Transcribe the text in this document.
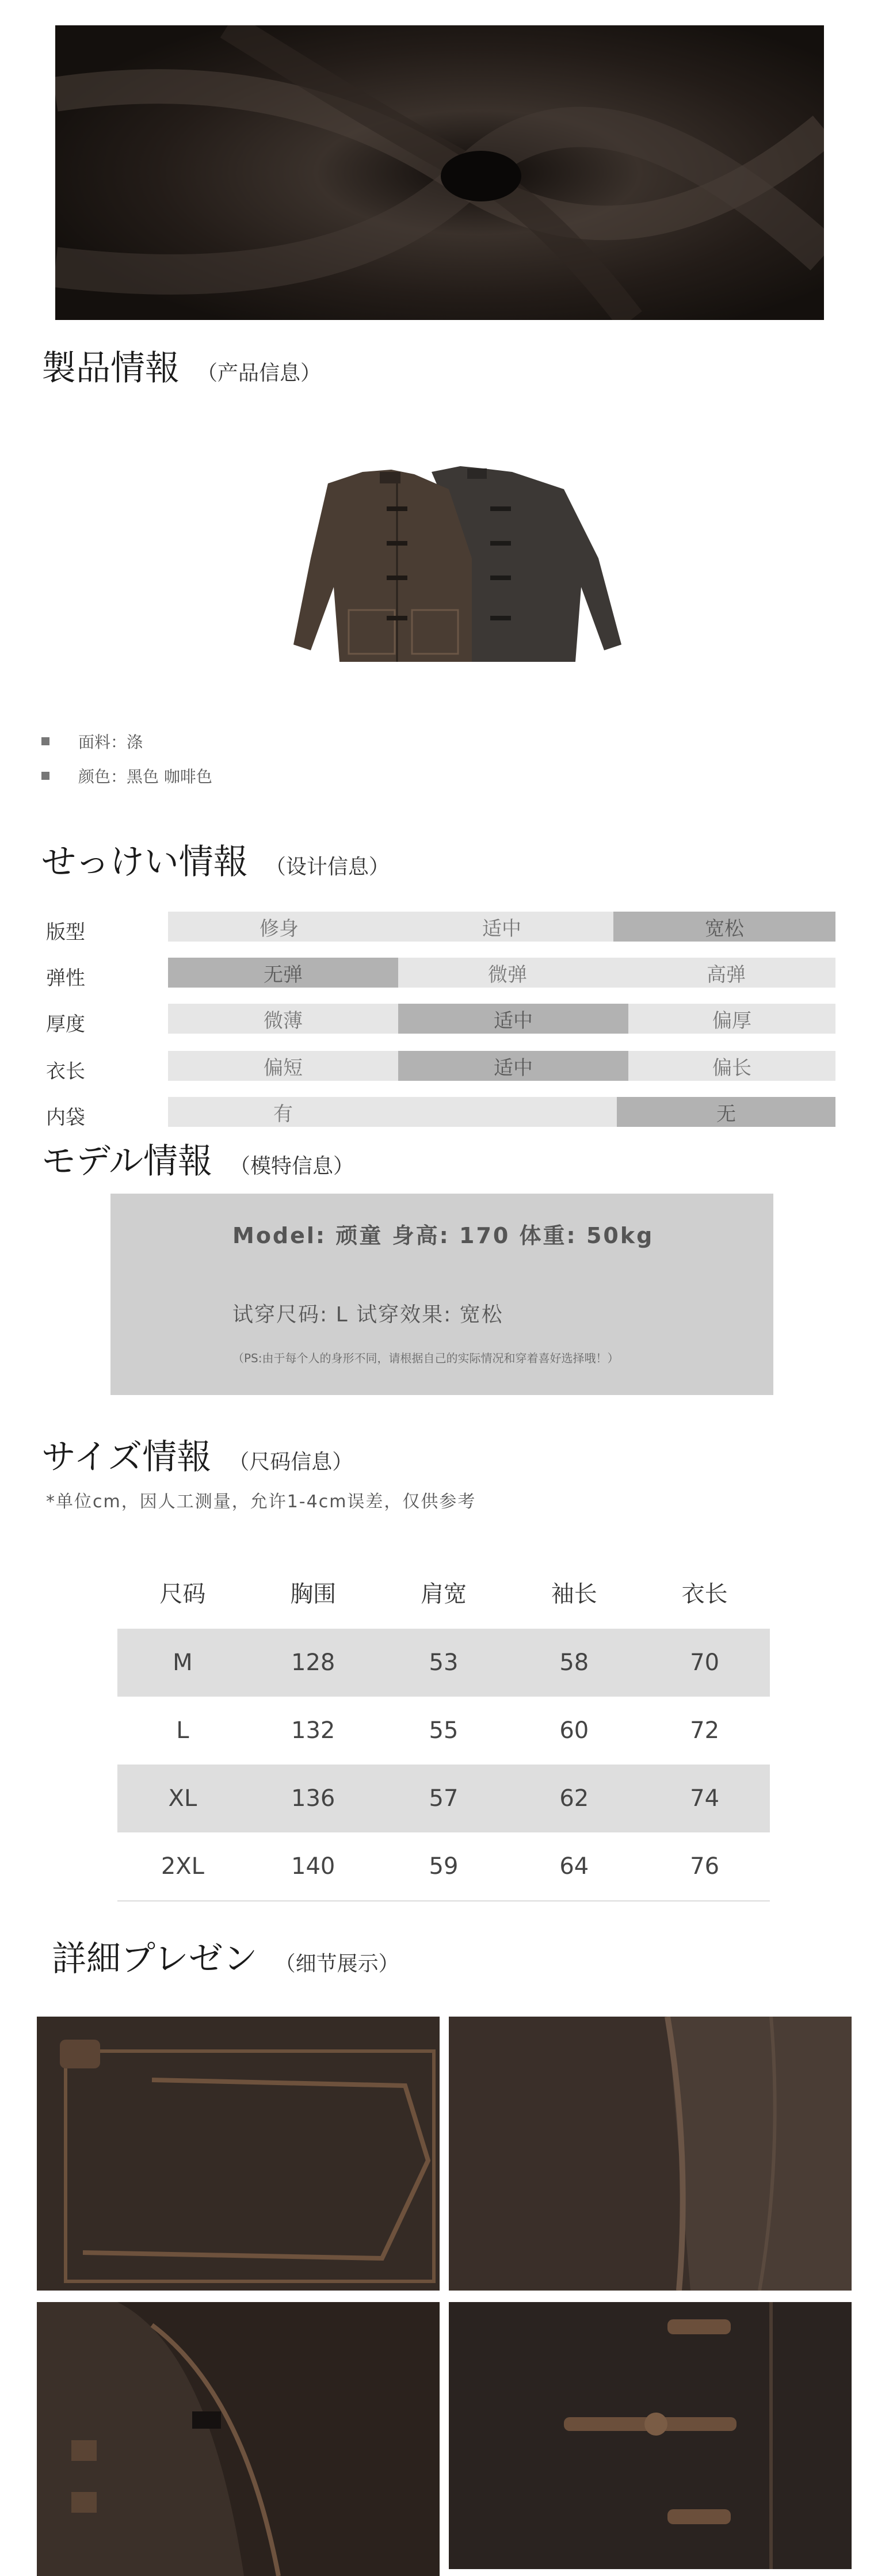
製品情報 （产品信息）
面料：涤
颜色：黑色 咖啡色
せっけい情報 （设计信息）
版型	修身	适中	宽松
弹性	无弹	微弹	高弹
厚度	微薄	适中	偏厚
衣长	偏短	适中	偏长
内袋	有	无
モデル情報 （模特信息）
Model: 顽童 身高: 170 体重: 50kg
试穿尺码: L 试穿效果: 宽松
（PS:由于每个人的身形不同，请根据自己的实际情况和穿着喜好选择哦！）
サイズ情報 （尺码信息）
*单位cm，因人工测量，允许1-4cm误差，仅供参考
尺码	胸围	肩宽	袖长	衣长
M	128	53	58	70
L	132	55	60	72
XL	136	57	62	74
2XL	140	59	64	76
詳細プレゼン （细节展示）
